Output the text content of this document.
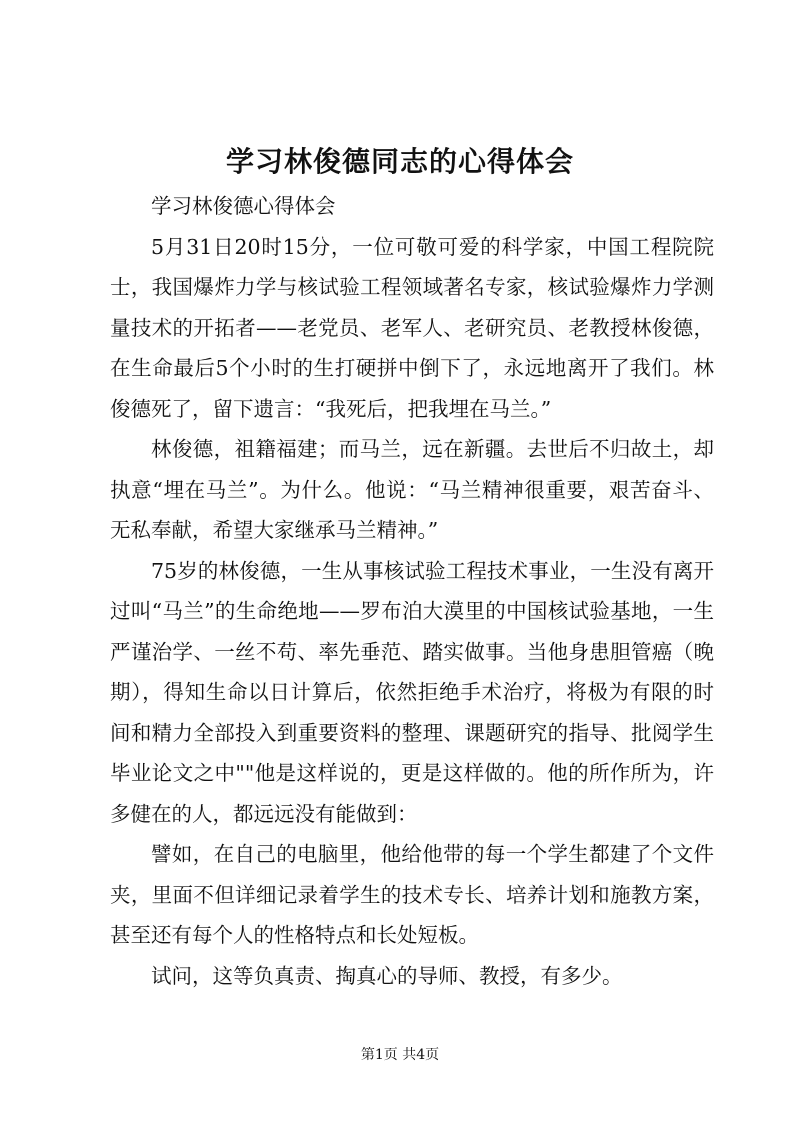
学习林俊德同志的心得体会

学习林俊德心得体会

5月31日20时15分，一位可敬可爱的科学家，中国工程院院士，我国爆炸力学与核试验工程领域著名专家，核试验爆炸力学测量技术的开拓者——老党员、老军人、老研究员、老教授林俊德，在生命最后5个小时的生打硬拼中倒下了，永远地离开了我们。林俊德死了，留下遗言：“我死后，把我埋在马兰。”

林俊德，祖籍福建；而马兰，远在新疆。去世后不归故土，却执意“埋在马兰”。为什么。他说：“马兰精神很重要，艰苦奋斗、无私奉献，希望大家继承马兰精神。”

75岁的林俊德，一生从事核试验工程技术事业，一生没有离开过叫“马兰”的生命绝地——罗布泊大漠里的中国核试验基地，一生严谨治学、一丝不苟、率先垂范、踏实做事。当他身患胆管癌（晚期），得知生命以日计算后，依然拒绝手术治疗，将极为有限的时间和精力全部投入到重要资料的整理、课题研究的指导、批阅学生毕业论文之中""他是这样说的，更是这样做的。他的所作所为，许多健在的人，都远远没有能做到：

譬如，在自己的电脑里，他给他带的每一个学生都建了个文件夹，里面不但详细记录着学生的技术专长、培养计划和施教方案，甚至还有每个人的性格特点和长处短板。

试问，这等负真责、掏真心的导师、教授，有多少。

第1页 共4页
